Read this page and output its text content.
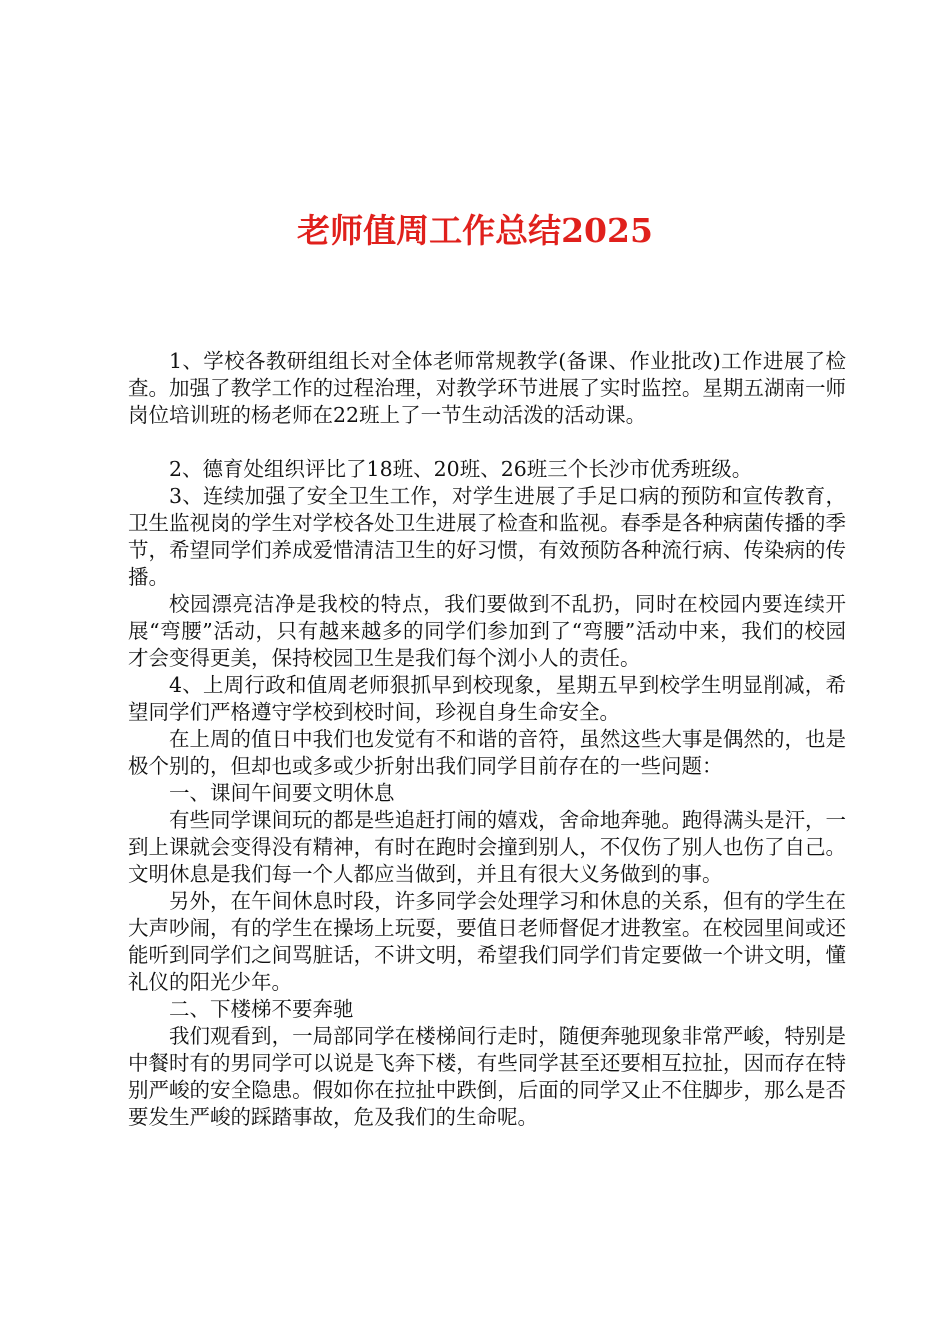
老师值周工作总结2025

1、学校各教研组组长对全体老师常规教学(备课、作业批改)工作进展了检查。加强了教学工作的过程治理，对教学环节进展了实时监控。星期五湖南一师岗位培训班的杨老师在22班上了一节生动活泼的活动课。

2、德育处组织评比了18班、20班、26班三个长沙市优秀班级。

3、连续加强了安全卫生工作，对学生进展了手足口病的预防和宣传教育，卫生监视岗的学生对学校各处卫生进展了检查和监视。春季是各种病菌传播的季节，希望同学们养成爱惜清洁卫生的好习惯，有效预防各种流行病、传染病的传播。

校园漂亮洁净是我校的特点，我们要做到不乱扔，同时在校园内要连续开展“弯腰”活动，只有越来越多的同学们参加到了“弯腰”活动中来，我们的校园才会变得更美，保持校园卫生是我们每个浏小人的责任。

4、上周行政和值周老师狠抓早到校现象，星期五早到校学生明显削减，希望同学们严格遵守学校到校时间，珍视自身生命安全。

在上周的值日中我们也发觉有不和谐的音符，虽然这些大事是偶然的，也是极个别的，但却也或多或少折射出我们同学目前存在的一些问题：

一、课间午间要文明休息

有些同学课间玩的都是些追赶打闹的嬉戏，舍命地奔驰。跑得满头是汗，一到上课就会变得没有精神，有时在跑时会撞到别人，不仅伤了别人也伤了自己。文明休息是我们每一个人都应当做到，并且有很大义务做到的事。

另外，在午间休息时段，许多同学会处理学习和休息的关系，但有的学生在大声吵闹，有的学生在操场上玩耍，要值日老师督促才进教室。在校园里间或还能听到同学们之间骂脏话，不讲文明，希望我们同学们肯定要做一个讲文明，懂礼仪的阳光少年。

二、下楼梯不要奔驰

我们观看到，一局部同学在楼梯间行走时，随便奔驰现象非常严峻，特别是中餐时有的男同学可以说是飞奔下楼，有些同学甚至还要相互拉扯，因而存在特别严峻的安全隐患。假如你在拉扯中跌倒，后面的同学又止不住脚步，那么是否要发生严峻的踩踏事故，危及我们的生命呢。
